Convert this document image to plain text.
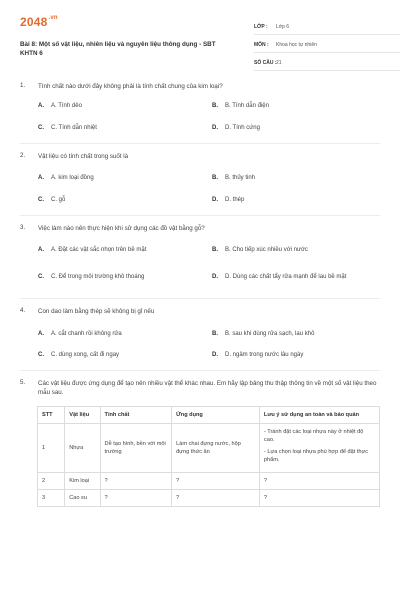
$2048^{.vn}$
Bài 8: Một số vật liệu, nhiên liệu và nguyên liệu thông dụng - SBT KHTN 6
LỚP : Lớp 6
MÔN : Khoa học tự nhiên
SỐ CÂU : 21
1. Tính chất nào dưới đây không phải là tính chất chung của kim loại?
A. A. Tính dẻo	B. B. Tính dẫn điện
C. C. Tính dẫn nhiệt	D. D. Tính cứng
2. Vật liệu có tính chất trong suốt là
A. A. kim loại đồng	B. B. thủy tinh
C. C. gỗ	D. D. thép
3. Việc làm nào nên thực hiện khi sử dụng các đồ vật bằng gỗ?
A. A. Đặt các vật sắc nhọn trên bề mặt	B. B. Cho tiếp xúc nhiều với nước
C. C. Để trong môi trường khô thoáng	D. D. Dùng các chất tẩy rửa mạnh để lau bề mặt
4. Con dao làm bằng thép sẽ không bị gỉ nếu
A. A. cắt chanh rồi không rửa	B. B. sau khi dùng rửa sạch, lau khô
C. C. dùng xong, cất đi ngay	D. D. ngâm trong nước lâu ngày
5. Các vật liệu được ứng dụng để tạo nên nhiều vật thể khác nhau. Em hãy lập bảng thu thập thông tin về một số vật liệu theo mẫu sau.
STT	Vật liệu	Tính chất	Ứng dụng	Lưu ý sử dụng an toàn và bảo quản
1	Nhựa	Dễ tạo hình, bền với môi trường	Làm chai đựng nước, hộp đựng thức ăn	- Tránh đặt các loại nhựa này ở nhiệt độ cao.
- Lựa chọn loại nhựa phù hợp để đặt thực phẩm.

2	Kim loại	?	?	?
3	Cao su	?	?	?
